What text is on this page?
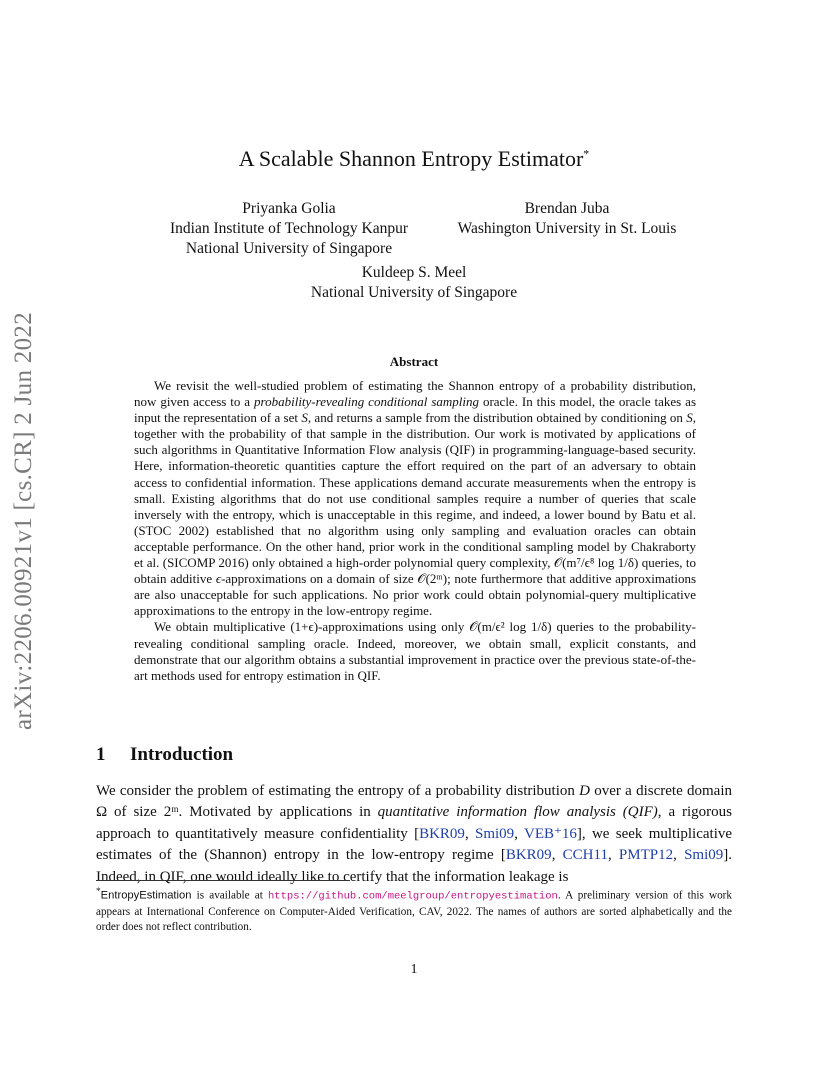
arXiv:2206.00921v1 [cs.CR] 2 Jun 2022
A Scalable Shannon Entropy Estimator*
Priyanka Golia
Indian Institute of Technology Kanpur
National University of Singapore
Brendan Juba
Washington University in St. Louis
Kuldeep S. Meel
National University of Singapore
Abstract

We revisit the well-studied problem of estimating the Shannon entropy of a probability distribution, now given access to a probability-revealing conditional sampling oracle. In this model, the oracle takes as input the representation of a set S, and returns a sample from the distribution obtained by conditioning on S, together with the probability of that sample in the distribution. Our work is motivated by applications of such algorithms in Quantitative Information Flow analysis (QIF) in programming-language-based security. Here, information-theoretic quantities capture the effort required on the part of an adversary to obtain access to confidential information. These applications demand accurate measurements when the entropy is small. Existing algorithms that do not use conditional samples require a number of queries that scale inversely with the entropy, which is unacceptable in this regime, and indeed, a lower bound by Batu et al. (STOC 2002) established that no algorithm using only sampling and evaluation oracles can obtain acceptable performance. On the other hand, prior work in the conditional sampling model by Chakraborty et al. (SICOMP 2016) only obtained a high-order polynomial query complexity, 𝒪(m⁷/ϵ⁸ log 1/δ) queries, to obtain additive ϵ-approximations on a domain of size 𝒪(2ᵐ); note furthermore that additive approximations are also unacceptable for such applications. No prior work could obtain polynomial-query multiplicative approximations to the entropy in the low-entropy regime.

We obtain multiplicative (1+ϵ)-approximations using only 𝒪(m/ϵ² log 1/δ) queries to the probability-revealing conditional sampling oracle. Indeed, moreover, we obtain small, explicit constants, and demonstrate that our algorithm obtains a substantial improvement in practice over the previous state-of-the-art methods used for entropy estimation in QIF.

1 Introduction

We consider the problem of estimating the entropy of a probability distribution D over a discrete domain Ω of size 2ᵐ. Motivated by applications in quantitative information flow analysis (QIF), a rigorous approach to quantitatively measure confidentiality [BKR09, Smi09, VEB⁺16], we seek multiplicative estimates of the (Shannon) entropy in the low-entropy regime [BKR09, CCH11, PMTP12, Smi09]. Indeed, in QIF, one would ideally like to certify that the information leakage is

*EntropyEstimation is available at https://github.com/meelgroup/entropyestimation. A preliminary version of this work appears at International Conference on Computer-Aided Verification, CAV, 2022. The names of authors are sorted alphabetically and the order does not reflect contribution.

1
